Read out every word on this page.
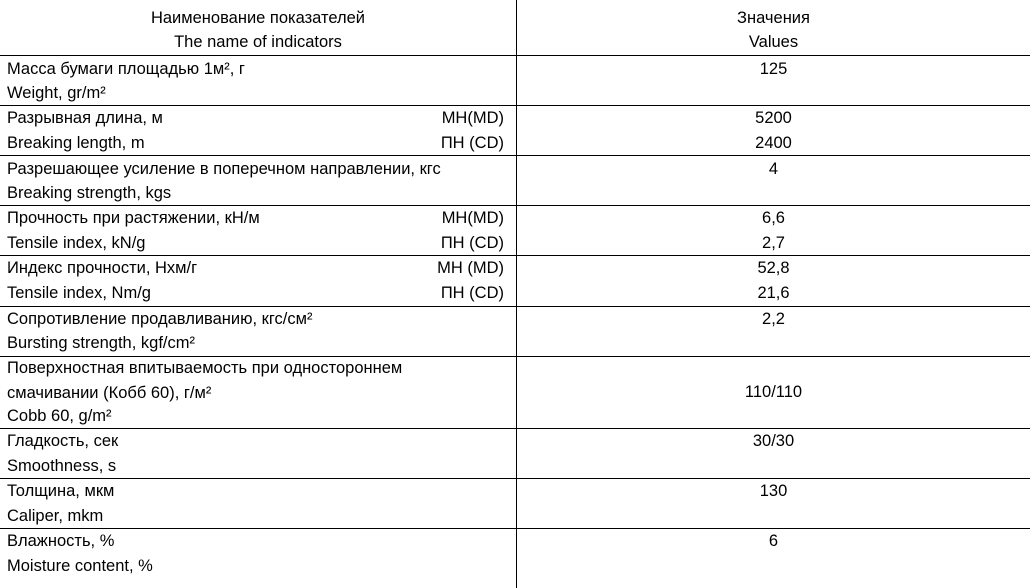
Наименование показателей
The name of indicators
Значения
Values
Масса бумаги площадью 1м², г
Weight, gr/m²
125
Разрывная длина, м
Breaking length, m
МН(MD)
ПН (CD)
5200
2400
Разрешающее усиление в поперечном направлении, кгс
Breaking strength, kgs
4
Прочность при растяжении, кН/м
Tensile index, kN/g
МН(MD)
ПН (CD)
6,6
2,7
Индекс прочности, Нхм/г
Tensile index, Nm/g
МН (MD)
ПН (CD)
52,8
21,6
Сопротивление продавливанию, кгс/см²
Bursting strength, kgf/cm²
2,2
Поверхностная впитываемость при одностороннем
смачивании (Кобб 60), г/м²
Cobb 60, g/m²
110/110
Гладкость, сек
Smoothness, s
30/30
Толщина, мкм
Caliper, mkm
130
Влажность, %
Moisture content, %
6
